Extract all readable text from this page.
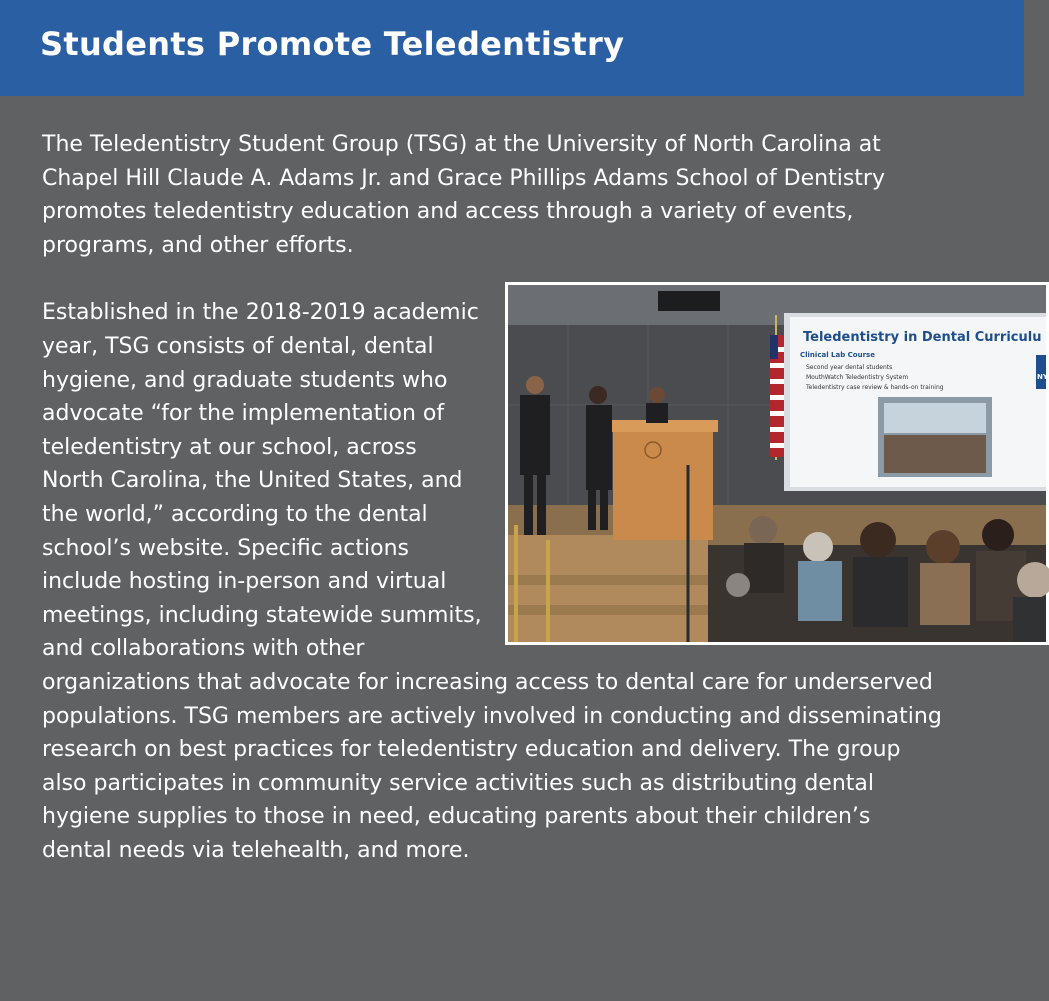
Students Promote Teledentistry

The Teledentistry Student Group (TSG) at the University of North Carolina at Chapel Hill Claude A. Adams Jr. and Grace Phillips Adams School of Dentistry promotes teledentistry education and access through a variety of events, programs, and other efforts.

Teledentistry in Dental Curriculu
Clinical Lab Course
Second year dental students
MouthWatch Teledentistry System
Teledentistry case review & hands-on training
NY

Established in the 2018-2019 academic year, TSG consists of dental, dental hygiene, and graduate students who advocate “for the implementation of teledentistry at our school, across North Carolina, the United States, and the world,” according to the dental school’s website. Specific actions include hosting in-person and virtual meetings, including statewide summits, and collaborations with other organizations that advocate for increasing access to dental care for underserved populations. TSG members are actively involved in conducting and disseminating research on best practices for teledentistry education and delivery. The group also participates in community service activities such as distributing dental hygiene supplies to those in need, educating parents about their children’s dental needs via telehealth, and more.
